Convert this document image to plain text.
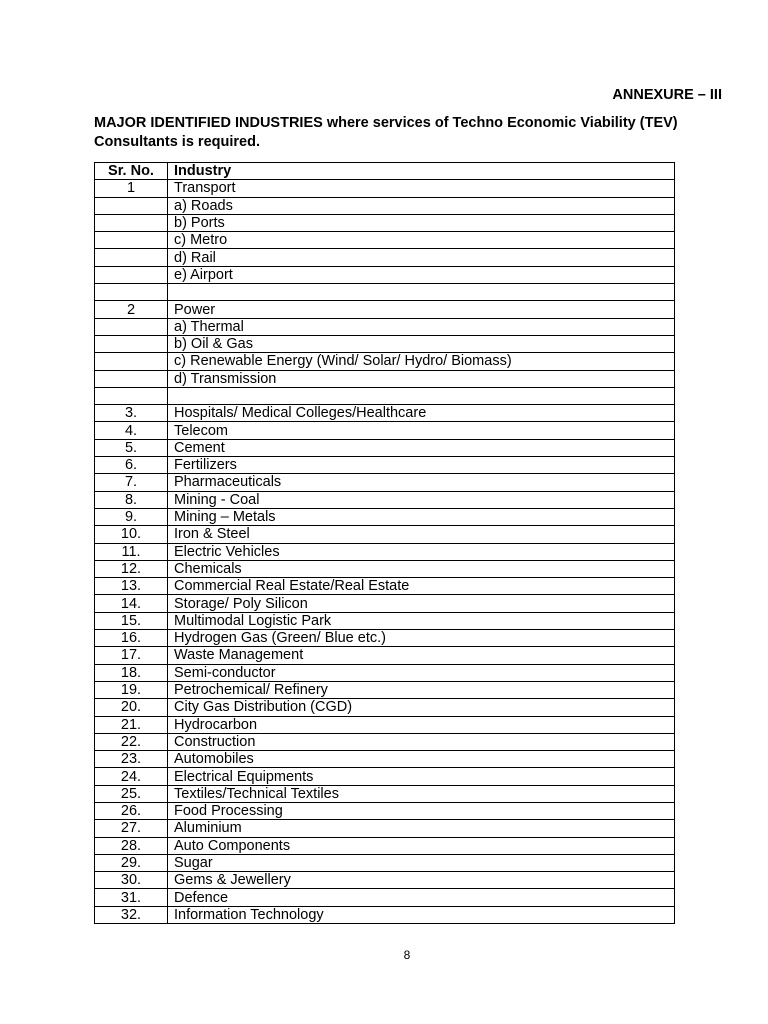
ANNEXURE – III
MAJOR IDENTIFIED INDUSTRIES where services of Techno Economic Viability (TEV)
Consultants is required.
Sr. No.	Industry
1	Transport
	a) Roads
	b) Ports
	c) Metro
	d) Rail
	e) Airport

2	Power
	a) Thermal
	b) Oil & Gas
	c) Renewable Energy (Wind/ Solar/ Hydro/ Biomass)
	d) Transmission

3.	Hospitals/ Medical Colleges/Healthcare
4.	Telecom
5.	Cement
6.	Fertilizers
7.	Pharmaceuticals
8.	Mining - Coal
9.	Mining – Metals
10.	Iron & Steel
11.	Electric Vehicles
12.	Chemicals
13.	Commercial Real Estate/Real Estate
14.	Storage/ Poly Silicon
15.	Multimodal Logistic Park
16.	Hydrogen Gas (Green/ Blue etc.)
17.	Waste Management
18.	Semi-conductor
19.	Petrochemical/ Refinery
20.	City Gas Distribution (CGD)
21.	Hydrocarbon
22.	Construction
23.	Automobiles
24.	Electrical Equipments
25.	Textiles/Technical Textiles
26.	Food Processing
27.	Aluminium
28.	Auto Components
29.	Sugar
30.	Gems & Jewellery
31.	Defence
32.	Information Technology
8
